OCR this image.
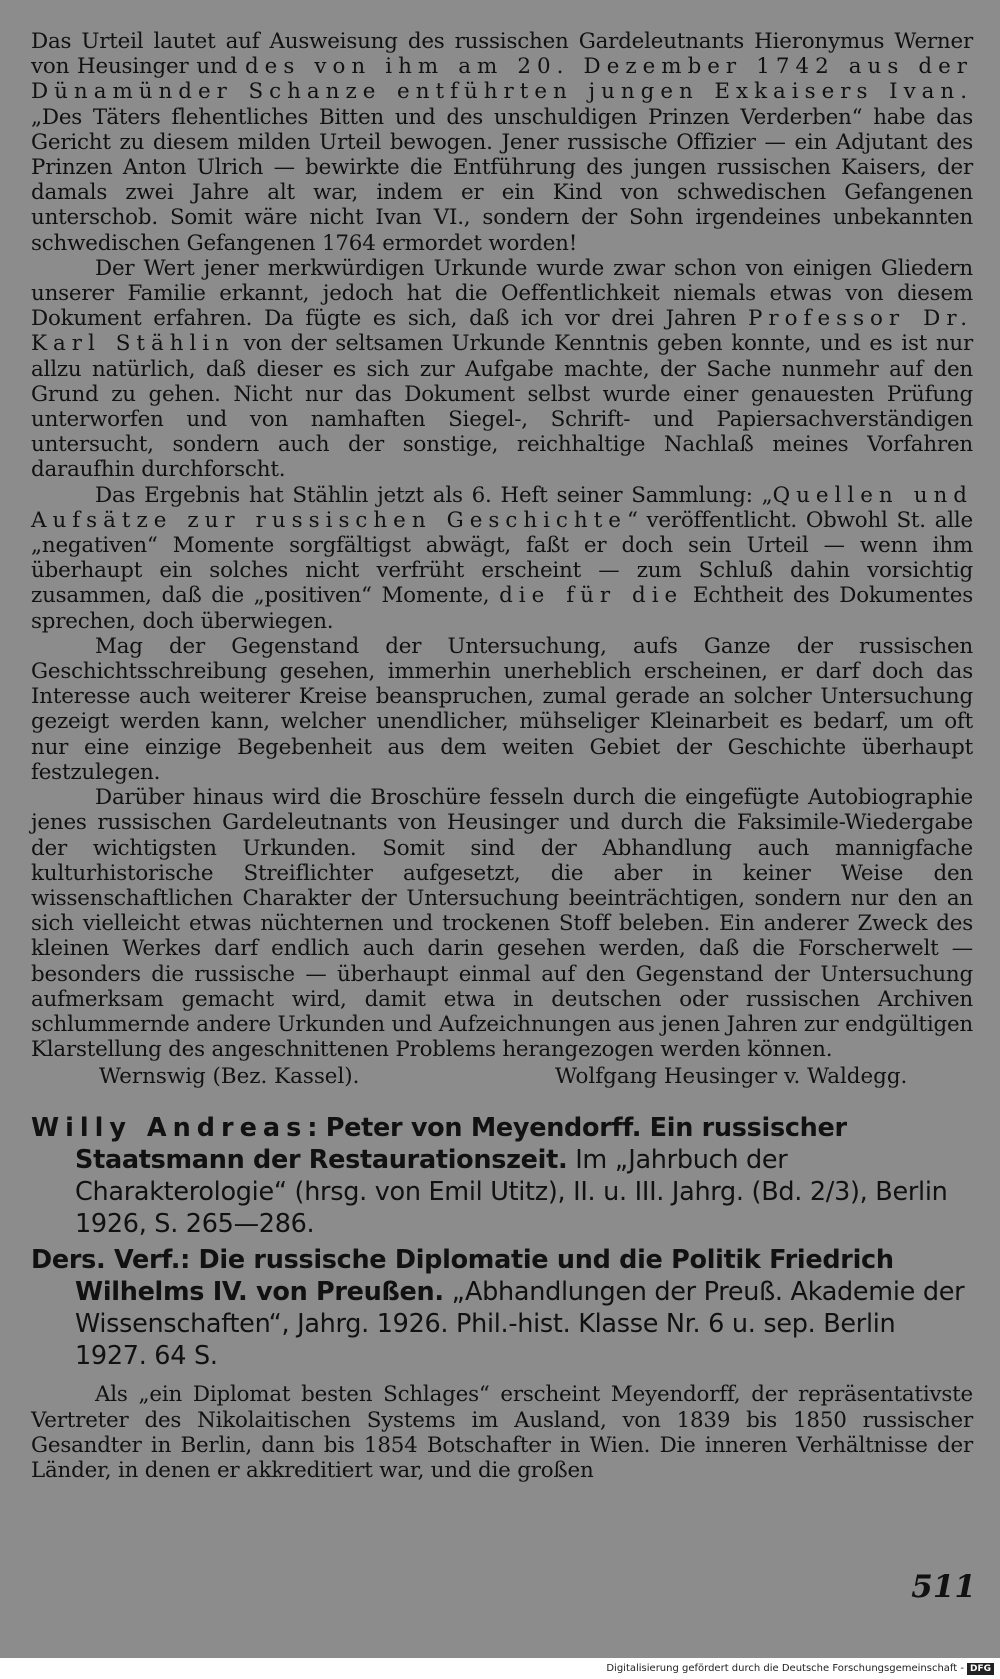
Das Urteil lautet auf Ausweisung des russischen Gardeleutnants Hieronymus Werner von Heusinger und des von ihm am 20. Dezember 1742 aus der Dünamünder Schanze entführten jungen Exkaisers Ivan. „Des Täters flehentliches Bitten und des unschuldigen Prinzen Verderben“ habe das Gericht zu diesem milden Urteil bewogen. Jener russische Offizier — ein Adjutant des Prinzen Anton Ulrich — bewirkte die Entführung des jungen russischen Kaisers, der damals zwei Jahre alt war, indem er ein Kind von schwedischen Gefangenen unterschob. Somit wäre nicht Ivan VI., sondern der Sohn irgendeines unbekannten schwedischen Gefangenen 1764 ermordet worden!

Der Wert jener merkwürdigen Urkunde wurde zwar schon von einigen Gliedern unserer Familie erkannt, jedoch hat die Oeffentlichkeit niemals etwas von diesem Dokument erfahren. Da fügte es sich, daß ich vor drei Jahren Professor Dr. Karl Stählin von der seltsamen Urkunde Kenntnis geben konnte, und es ist nur allzu natürlich, daß dieser es sich zur Aufgabe machte, der Sache nunmehr auf den Grund zu gehen. Nicht nur das Dokument selbst wurde einer genauesten Prüfung unterworfen und von namhaften Siegel-, Schrift- und Papiersachverständigen untersucht, sondern auch der sonstige, reichhaltige Nachlaß meines Vorfahren daraufhin durchforscht.

Das Ergebnis hat Stählin jetzt als 6. Heft seiner Sammlung: „Quellen und Aufsätze zur russischen Geschichte“ veröffentlicht. Obwohl St. alle „negativen“ Momente sorgfältigst abwägt, faßt er doch sein Urteil — wenn ihm überhaupt ein solches nicht verfrüht erscheint — zum Schluß dahin vorsichtig zusammen, daß die „positiven“ Momente, die für die Echtheit des Dokumentes sprechen, doch überwiegen.

Mag der Gegenstand der Untersuchung, aufs Ganze der russischen Geschichtsschreibung gesehen, immerhin unerheblich erscheinen, er darf doch das Interesse auch weiterer Kreise beanspruchen, zumal gerade an solcher Untersuchung gezeigt werden kann, welcher unendlicher, mühseliger Kleinarbeit es bedarf, um oft nur eine einzige Begebenheit aus dem weiten Gebiet der Geschichte überhaupt festzulegen.

Darüber hinaus wird die Broschüre fesseln durch die eingefügte Autobiographie jenes russischen Gardeleutnants von Heusinger und durch die Faksimile-Wiedergabe der wichtigsten Urkunden. Somit sind der Abhandlung auch mannigfache kulturhistorische Streiflichter aufgesetzt, die aber in keiner Weise den wissenschaftlichen Charakter der Untersuchung beeinträchtigen, sondern nur den an sich vielleicht etwas nüchternen und trockenen Stoff beleben. Ein anderer Zweck des kleinen Werkes darf endlich auch darin gesehen werden, daß die Forscherwelt — besonders die russische — überhaupt einmal auf den Gegenstand der Untersuchung aufmerksam gemacht wird, damit etwa in deutschen oder russischen Archiven schlummernde andere Urkunden und Aufzeichnungen aus jenen Jahren zur endgültigen Klarstellung des angeschnittenen Problems herangezogen werden können.

Wernswig (Bez. Kassel).	Wolfgang Heusinger v. Waldegg.

Willy Andreas: Peter von Meyendorff. Ein russischer Staatsmann der Restaurationszeit. Im „Jahrbuch der Charakterologie“ (hrsg. von Emil Utitz), II. u. III. Jahrg. (Bd. 2/3), Berlin 1926, S. 265—286.

Ders. Verf.: Die russische Diplomatie und die Politik Friedrich Wilhelms IV. von Preußen. „Abhandlungen der Preuß. Akademie der Wissenschaften“, Jahrg. 1926. Phil.-hist. Klasse Nr. 6 u. sep. Berlin 1927. 64 S.

Als „ein Diplomat besten Schlages“ erscheint Meyendorff, der repräsentativste Vertreter des Nikolaitischen Systems im Ausland, von 1839 bis 1850 russischer Gesandter in Berlin, dann bis 1854 Botschafter in Wien. Die inneren Verhältnisse der Länder, in denen er akkreditiert war, und die großen

511
Digitalisierung gefördert durch die Deutsche Forschungsgemeinschaft - DFG
